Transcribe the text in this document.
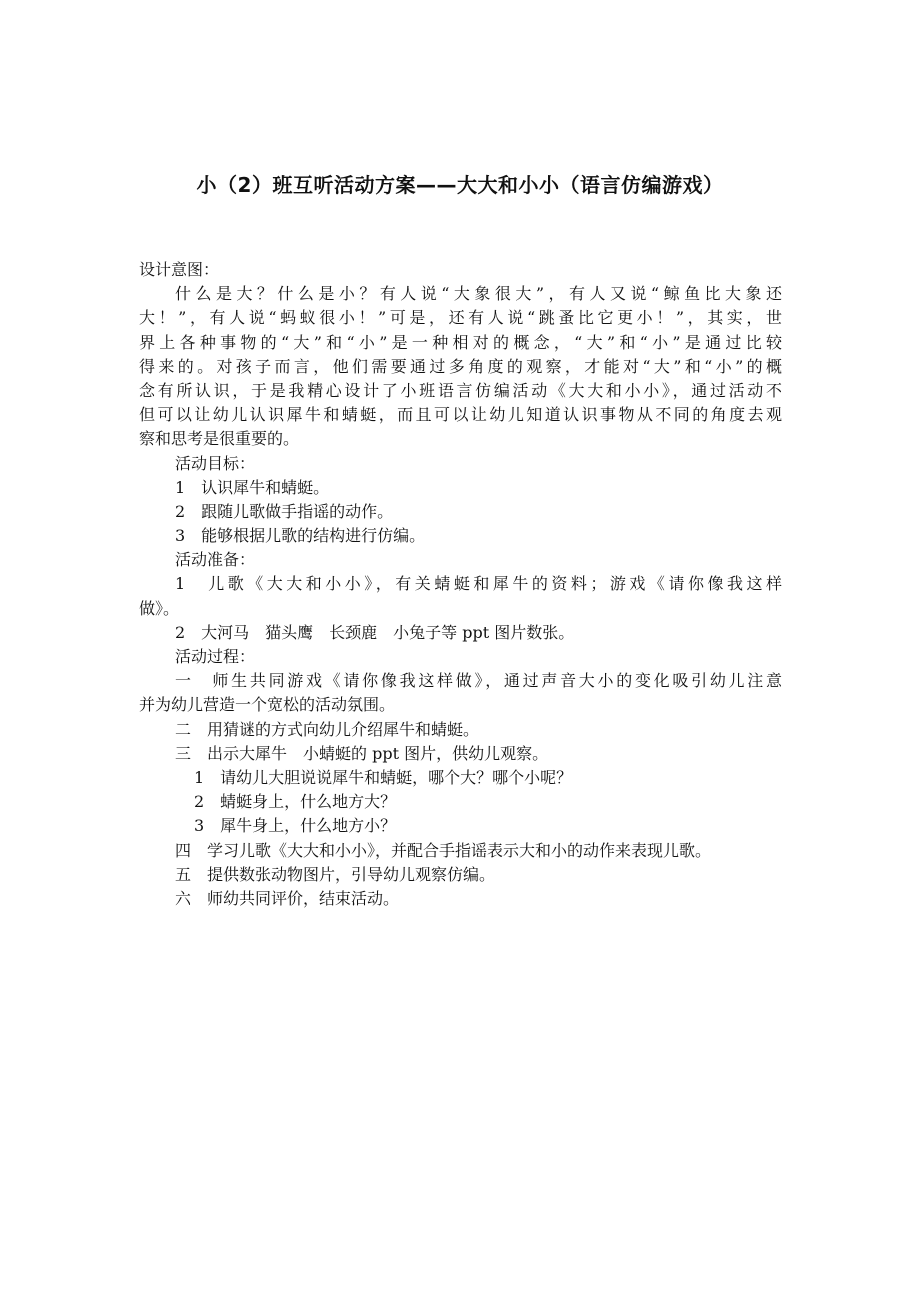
小（2）班互听活动方案——大大和小小（语言仿编游戏）
设计意图：
什么是大？什么是小？有人说“大象很大”，有人又说“鲸鱼比大象还
大！”，有人说“蚂蚁很小！”可是，还有人说“跳蚤比它更小！”，其实，世
界上各种事物的“大”和“小”是一种相对的概念，“大”和“小”是通过比较
得来的。对孩子而言，他们需要通过多角度的观察，才能对“大”和“小”的概
念有所认识，于是我精心设计了小班语言仿编活动《大大和小小》，通过活动不
但可以让幼儿认识犀牛和蜻蜓，而且可以让幼儿知道认识事物从不同的角度去观
察和思考是很重要的。
活动目标：
1　认识犀牛和蜻蜓。
2　跟随儿歌做手指谣的动作。
3　能够根据儿歌的结构进行仿编。
活动准备：
1　儿歌《大大和小小》，有关蜻蜓和犀牛的资料；游戏《请你像我这样
做》。
2　大河马　猫头鹰　长颈鹿　小兔子等 ppt 图片数张。
活动过程：
一　师生共同游戏《请你像我这样做》，通过声音大小的变化吸引幼儿注意
并为幼儿营造一个宽松的活动氛围。
二　用猜谜的方式向幼儿介绍犀牛和蜻蜓。
三　出示大犀牛　小蜻蜓的 ppt 图片，供幼儿观察。
1　请幼儿大胆说说犀牛和蜻蜓，哪个大？哪个小呢？
2　蜻蜓身上，什么地方大？
3　犀牛身上，什么地方小？
四　学习儿歌《大大和小小》，并配合手指谣表示大和小的动作来表现儿歌。
五　提供数张动物图片，引导幼儿观察仿编。
六　师幼共同评价，结束活动。
